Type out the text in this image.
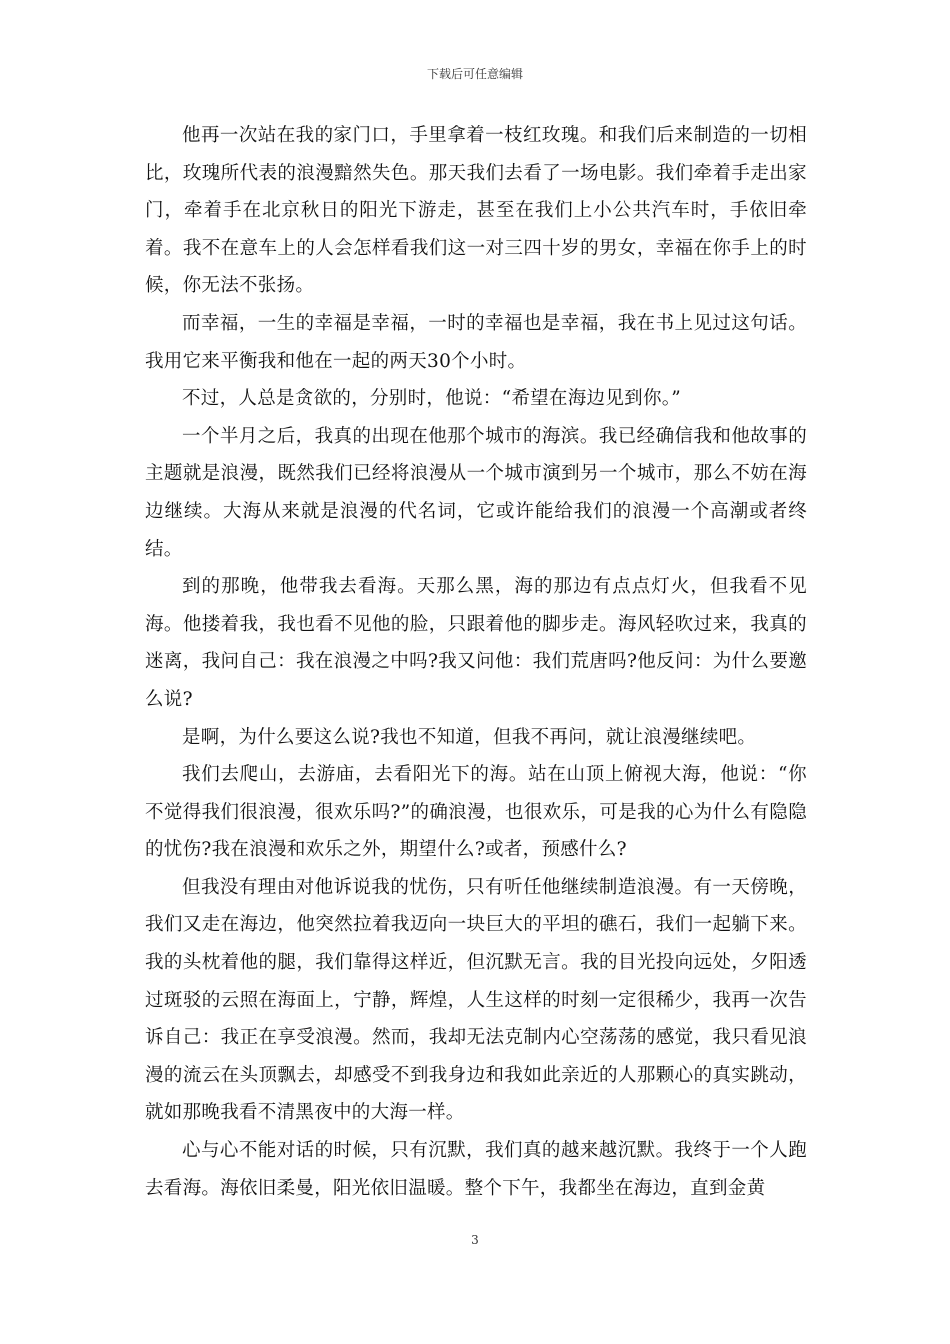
下载后可任意编辑

他再一次站在我的家门口，手里拿着一枝红玫瑰。和我们后来制造的一切相比，玫瑰所代表的浪漫黯然失色。那天我们去看了一场电影。我们牵着手走出家门，牵着手在北京秋日的阳光下游走，甚至在我们上小公共汽车时，手依旧牵着。我不在意车上的人会怎样看我们这一对三四十岁的男女，幸福在你手上的时候，你无法不张扬。

而幸福，一生的幸福是幸福，一时的幸福也是幸福，我在书上见过这句话。我用它来平衡我和他在一起的两天30个小时。

不过，人总是贪欲的，分别时，他说：“希望在海边见到你。”

一个半月之后，我真的出现在他那个城市的海滨。我已经确信我和他故事的主题就是浪漫，既然我们已经将浪漫从一个城市演到另一个城市，那么不妨在海边继续。大海从来就是浪漫的代名词，它或许能给我们的浪漫一个高潮或者终结。

到的那晚，他带我去看海。天那么黑，海的那边有点点灯火，但我看不见海。他搂着我，我也看不见他的脸，只跟着他的脚步走。海风轻吹过来，我真的迷离，我问自己：我在浪漫之中吗?我又问他：我们荒唐吗?他反问：为什么要邀么说?

是啊，为什么要这么说?我也不知道，但我不再问，就让浪漫继续吧。

我们去爬山，去游庙，去看阳光下的海。站在山顶上俯视大海，他说：“你不觉得我们很浪漫，很欢乐吗?”的确浪漫，也很欢乐，可是我的心为什么有隐隐的忧伤?我在浪漫和欢乐之外，期望什么?或者，预感什么?

但我没有理由对他诉说我的忧伤，只有听任他继续制造浪漫。有一天傍晚，我们又走在海边，他突然拉着我迈向一块巨大的平坦的礁石，我们一起躺下来。我的头枕着他的腿，我们靠得这样近，但沉默无言。我的目光投向远处，夕阳透过斑驳的云照在海面上，宁静，辉煌，人生这样的时刻一定很稀少，我再一次告诉自己：我正在享受浪漫。然而，我却无法克制内心空荡荡的感觉，我只看见浪漫的流云在头顶飘去，却感受不到我身边和我如此亲近的人那颗心的真实跳动，就如那晚我看不清黑夜中的大海一样。

心与心不能对话的时候，只有沉默，我们真的越来越沉默。我终于一个人跑去看海。海依旧柔曼，阳光依旧温暖。整个下午，我都坐在海边，直到金黄

3
